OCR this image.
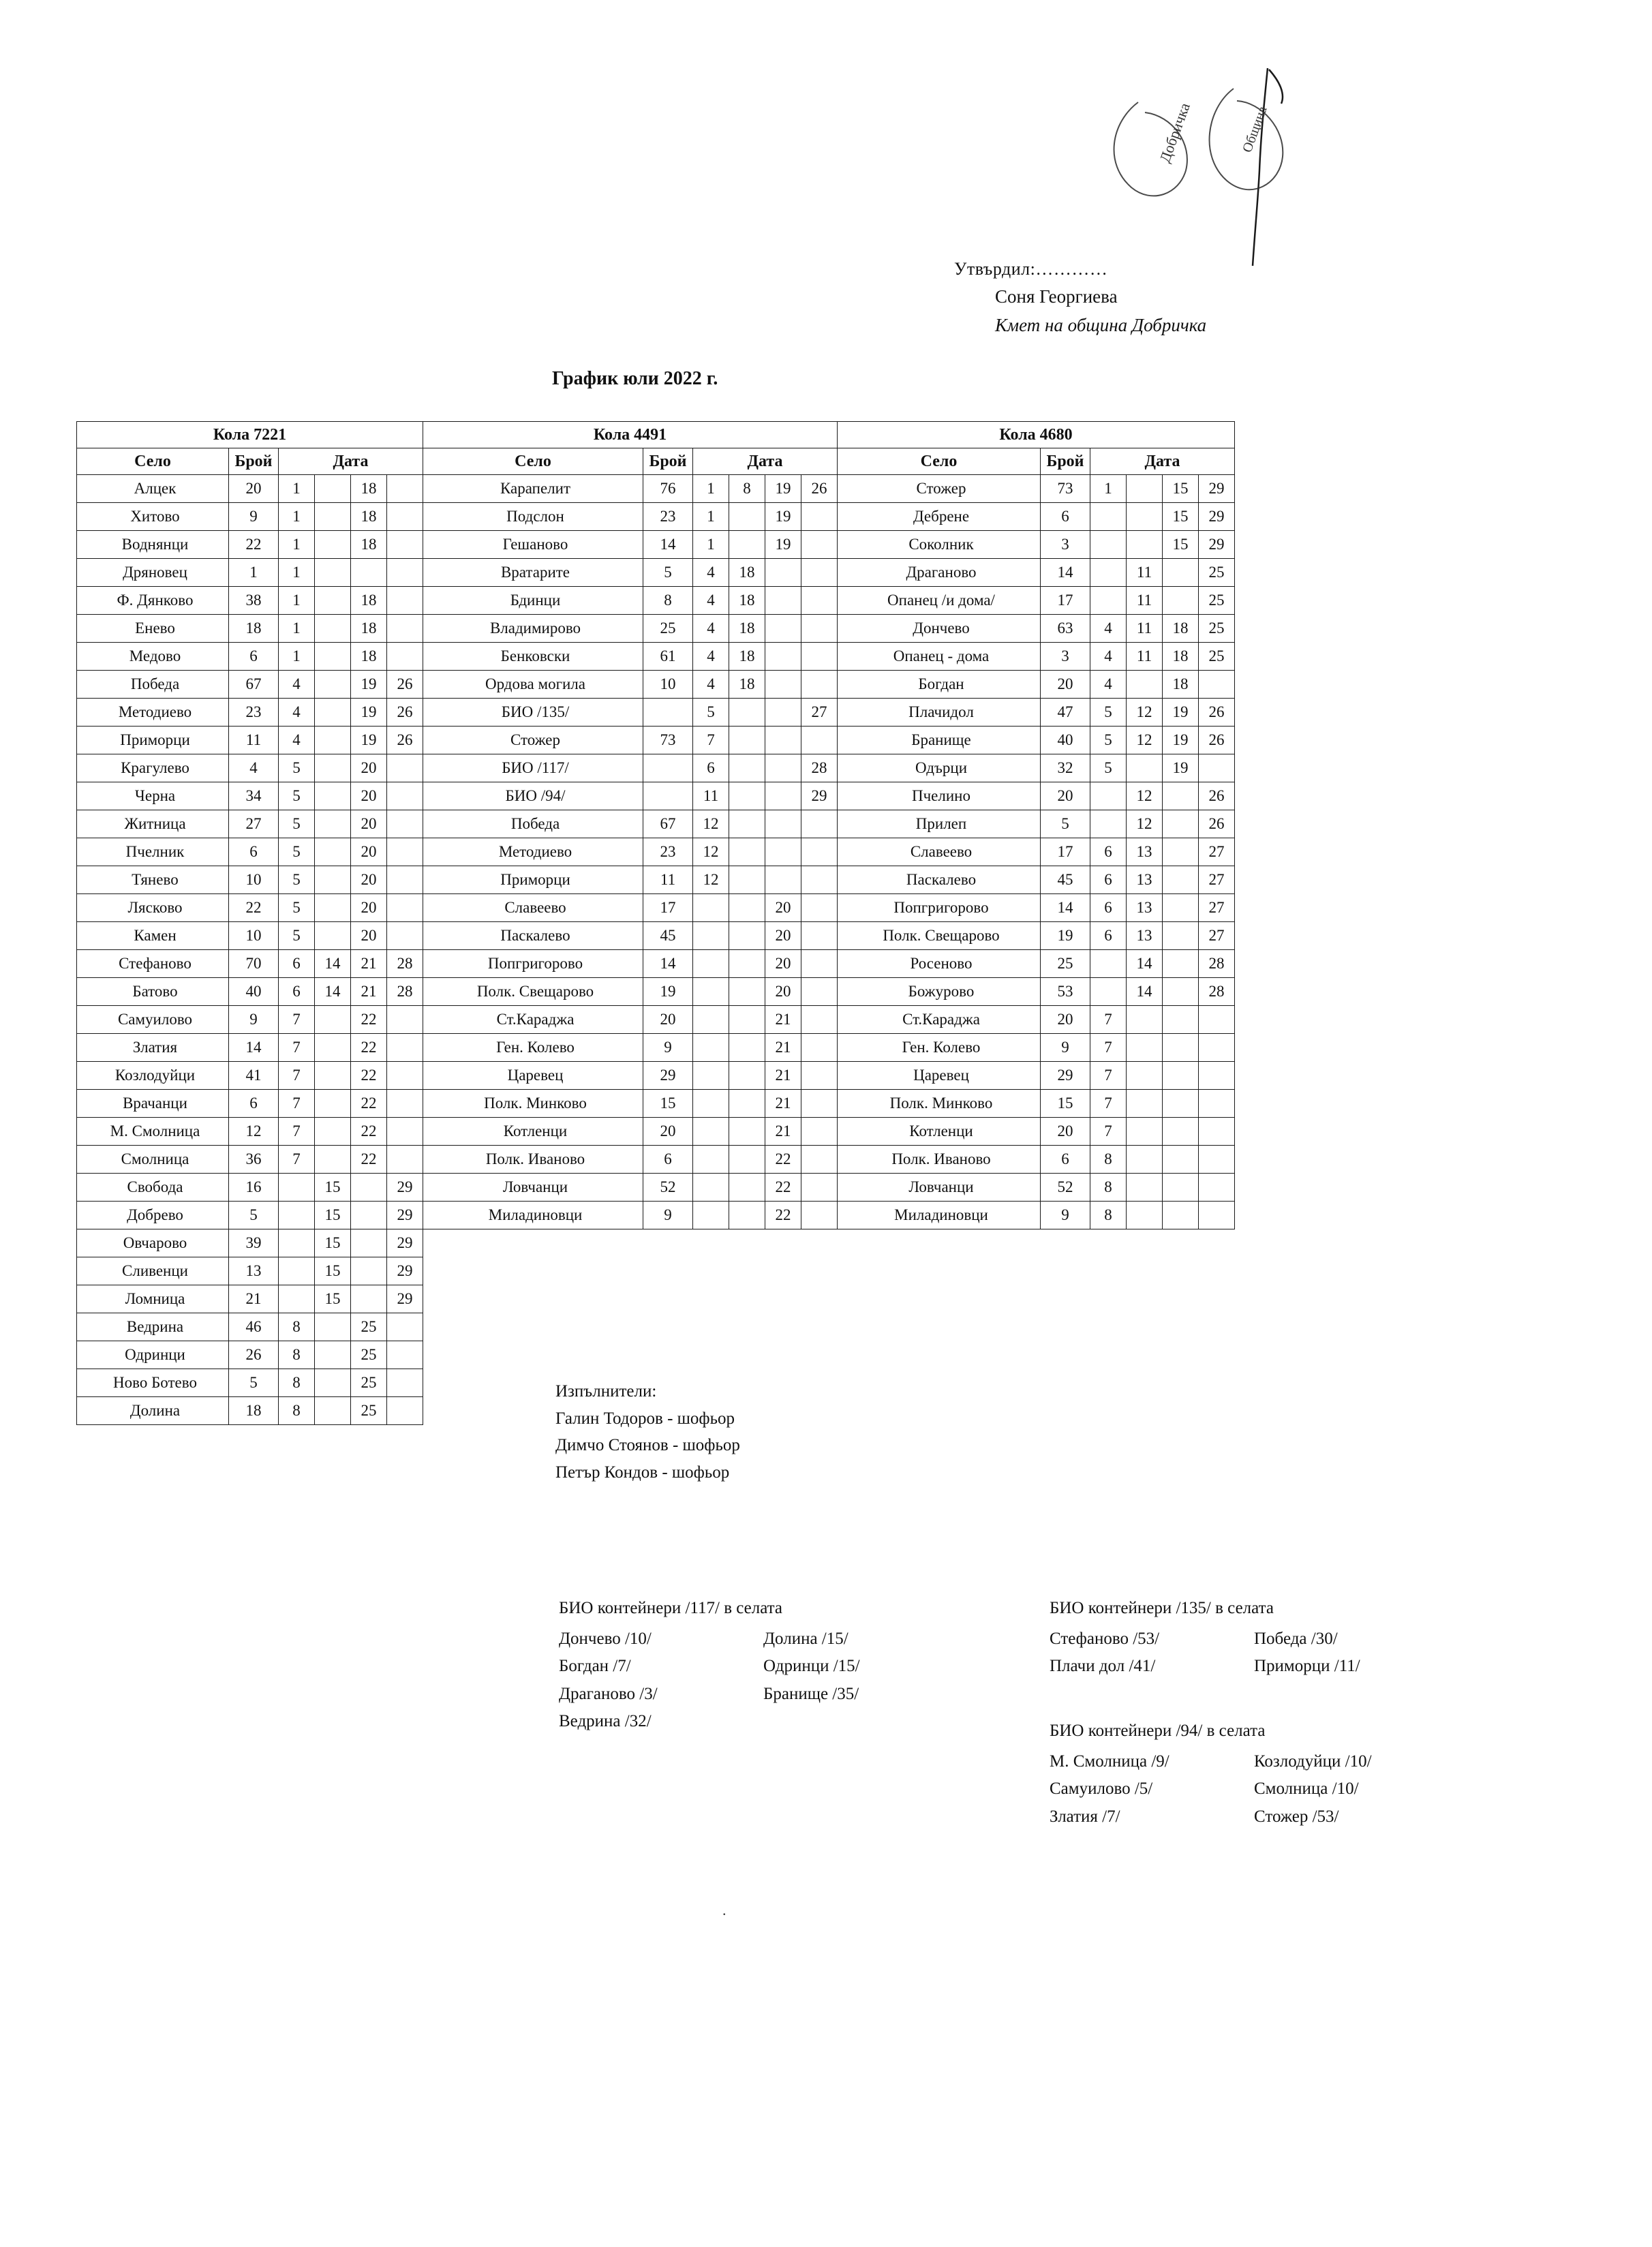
Добричка	Община
Утвърдил:…………
Соня Георгиева
Кмет на община Добричка
График юли 2022 г.
Кола 7221						Кола 4491						Кола 4680					
Село	Брой	Дата				Село	Брой	Дата				Село	Брой	Дата			
Алцек	20	1		18		Карапелит	76	1	8	19	26	Стожер	73	1		15	29
Хитово	9	1		18		Подслон	23	1		19		Дебрене	6			15	29
Воднянци	22	1		18		Гешаново	14	1		19		Соколник	3			15	29
Дряновец	1	1				Вратарите	5	4	18			Драганово	14		11		25
Ф. Дянково	38	1		18		Бдинци	8	4	18			Опанец /и дома/	17		11		25
Енево	18	1		18		Владимирово	25	4	18			Дончево	63	4	11	18	25
Медово	6	1		18		Бенковски	61	4	18			Опанец - дома	3	4	11	18	25
Победа	67	4		19	26	Ордова могила	10	4	18			Богдан	20	4		18	
Методиево	23	4		19	26	БИО /135/		5			27	Плачидол	47	5	12	19	26
Приморци	11	4		19	26	Стожер	73	7				Бранище	40	5	12	19	26
Крагулево	4	5		20		БИО /117/		6			28	Одърци	32	5		19	
Черна	34	5		20		БИО /94/		11			29	Пчелино	20		12		26
Житница	27	5		20		Победа	67	12				Прилеп	5		12		26
Пчелник	6	5		20		Методиево	23	12				Славеево	17	6	13		27
Тяневo	10	5		20		Приморци	11	12				Паскалево	45	6	13		27
Лясково	22	5		20		Славеево	17			20		Попгригорово	14	6	13		27
Камен	10	5		20		Паскалево	45			20		Полк. Свещарово	19	6	13		27
Стефаново	70	6	14	21	28	Попгригорово	14			20		Росеново	25		14		28
Батово	40	6	14	21	28	Полк. Свещарово	19			20		Божурово	53		14		28
Самуилово	9	7		22		Ст.Караджа	20			21		Ст.Караджа	20	7			
Златия	14	7		22		Ген. Колево	9			21		Ген. Колево	9	7			
Козлодуйци	41	7		22		Царевец	29			21		Царевец	29	7			
Врачанци	6	7		22		Полк. Минково	15			21		Полк. Минково	15	7			
М. Смолница	12	7		22		Котленци	20			21		Котленци	20	7			
Смолница	36	7		22		Полк. Иваново	6			22		Полк. Иваново	6	8			
Свобода	16		15		29	Ловчанци	52			22		Ловчанци	52	8			
Добрево	5		15		29	Миладиновци	9			22		Миладиновци	9	8			
Овчарово	39		15		29												
Сливенци	13		15		29												
Ломница	21		15		29												
Ведрина	46	8		25													
Одринци	26	8		25													
Ново Ботево	5	8		25													
Долина	18	8		25													
Изпълнители:
Галин Тодоров - шофьор
Димчо Стоянов - шофьор
Петър Кондов - шофьор
БИО контейнери /117/ в селата
Дончево /10/
Богдан /7/
Драганово /3/
Ведрина /32/
Долина /15/
Одринци /15/
Бранище /35/
БИО контейнери /135/ в селата
Стефаново /53/
Плачи дол /41/
Победа /30/
Приморци /11/
БИО контейнери /94/ в селата
М. Смолница /9/
Самуилово /5/
Златия /7/
Козлодуйци /10/
Смолница /10/
Стожер /53/
.
